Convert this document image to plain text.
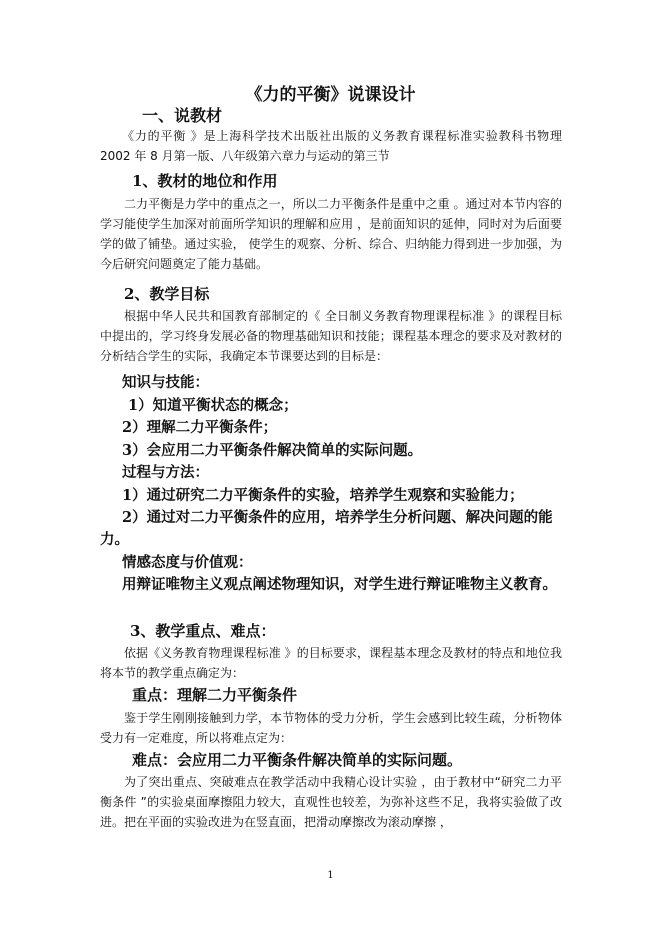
《力的平衡》说课设计
一、说教材
《力的平衡 》是上海科学技术出版社出版的义务教育课程标准实验教科书物理 2002 年 8 月第一版、八年级第六章力与运动的第三节
1、教材的地位和作用
二力平衡是力学中的重点之一，所以二力平衡条件是重中之重 。通过对本节内容的学习能使学生加深对前面所学知识的理解和应用 ，是前面知识的延伸，同时对为后面要学的做了铺垫。通过实验， 使学生的观察、分析、综合、归纳能力得到进一步加强，为今后研究问题奠定了能力基础。
2、教学目标
根据中华人民共和国教育部制定的《 全日制义务教育物理课程标准 》的课程目标中提出的，学习终身发展必备的物理基础知识和技能；课程基本理念的要求及对教材的分析结合学生的实际，我确定本节课要达到的目标是：
知识与技能：
1）知道平衡状态的概念；
2）理解二力平衡条件；
3）会应用二力平衡条件解决简单的实际问题。
过程与方法：
1）通过研究二力平衡条件的实验，培养学生观察和实验能力；
2）通过对二力平衡条件的应用，培养学生分析问题、解决问题的能力。
情感态度与价值观：
用辩证唯物主义观点阐述物理知识，对学生进行辩证唯物主义教育。
3、教学重点、难点：
依据《义务教育物理课程标准 》的目标要求，课程基本理念及教材的特点和地位我将本节的教学重点确定为：
重点：理解二力平衡条件
鉴于学生刚刚接触到力学，本节物体的受力分析，学生会感到比较生疏，分析物体受力有一定难度，所以将难点定为：
难点：会应用二力平衡条件解决简单的实际问题。
为了突出重点、突破难点在教学活动中我精心设计实验 ，由于教材中“研究二力平衡条件 ”的实验桌面摩擦阻力较大，直观性也较差，为弥补这些不足，我将实验做了改进。把在平面的实验改进为在竖直面，把滑动摩擦改为滚动摩擦 ，
1
